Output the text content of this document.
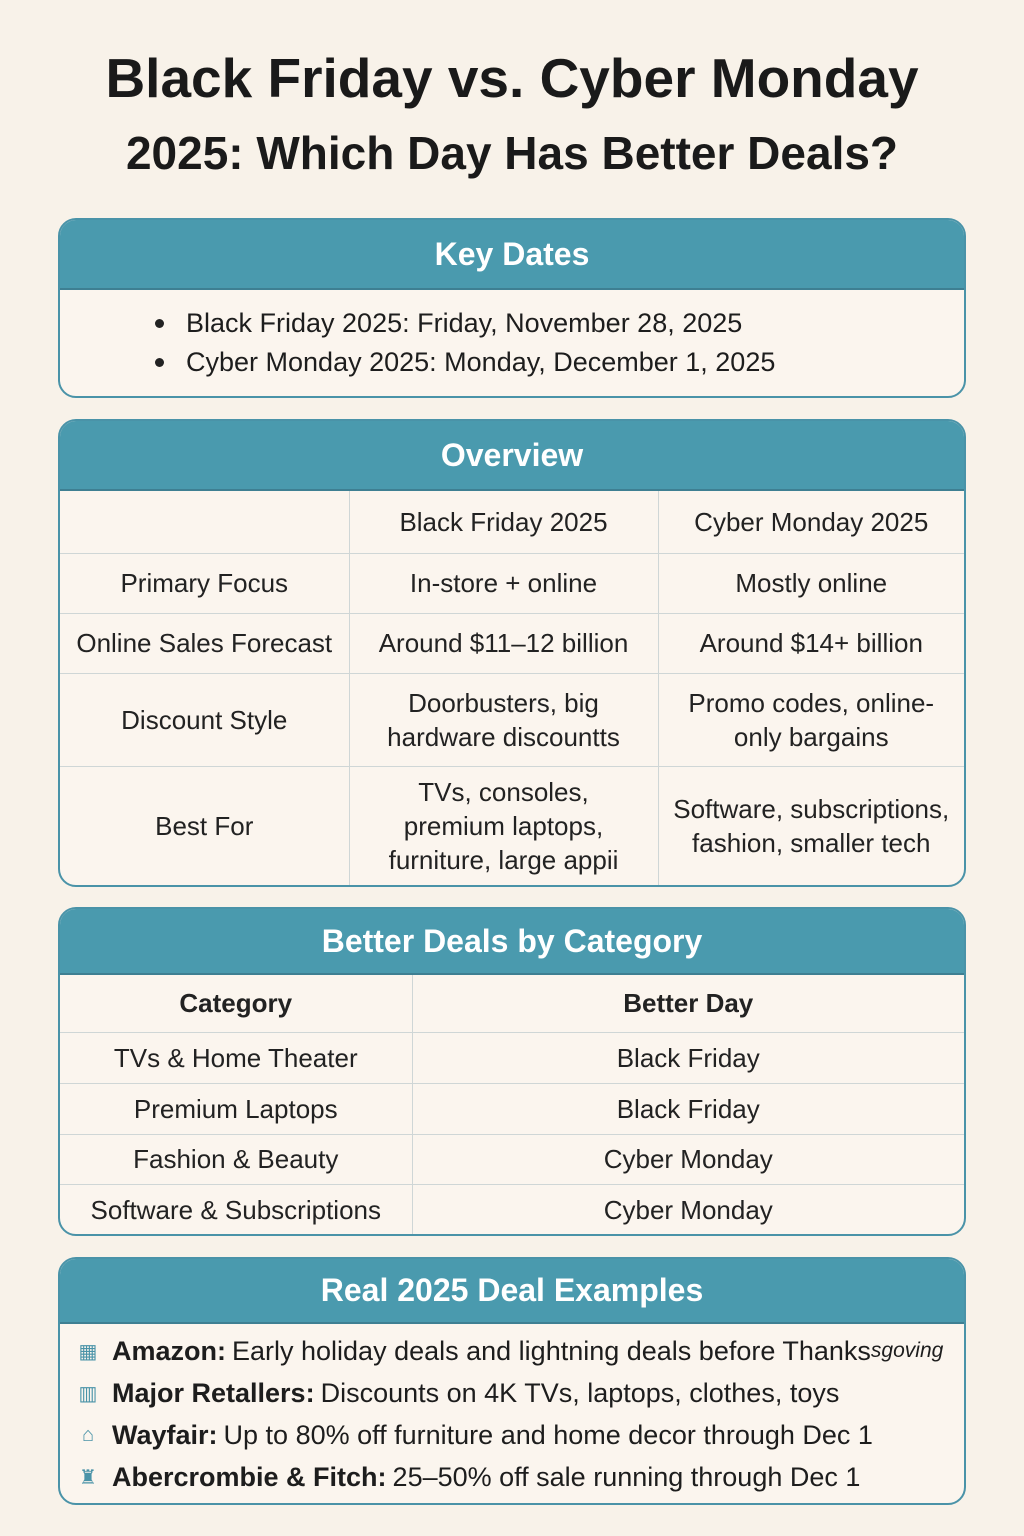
Black Friday vs. Cyber Monday
2025: Which Day Has Better Deals?
Key Dates
Black Friday 2025:
Friday, November 28, 2025
Cyber Monday 2025:
Monday, December 1, 2025
Overview
	Black Friday 2025	Cyber Monday 2025
Primary Focus	In-store + online	Mostly online
Online Sales Forecast	Around $11–12 billion	Around $14+ billion
Discount Style	Doorbusters, big hardware discountts	Promo codes, online-only bargains
Best For	TVs, consoles, premium laptops, furniture, large appii	Software, subscriptions, fashion, smaller tech
Better Deals by Category
Category	Better Day
TVs & Home Theater	Black Friday
Premium Laptops	Black Friday
Fashion & Beauty	Cyber Monday
Software & Subscriptions	Cyber Monday
Real 2025 Deal Examples
▦ Amazon: Early holiday deals and lightning deals before Thanks sgoving
▥ Major Retallers: Discounts on 4K TVs, laptops, clothes, toys
⌂ Wayfair: Up to 80% off furniture and home decor through Dec 1
♜ Abercrombie & Fitch: 25–50% off sale running through Dec 1
